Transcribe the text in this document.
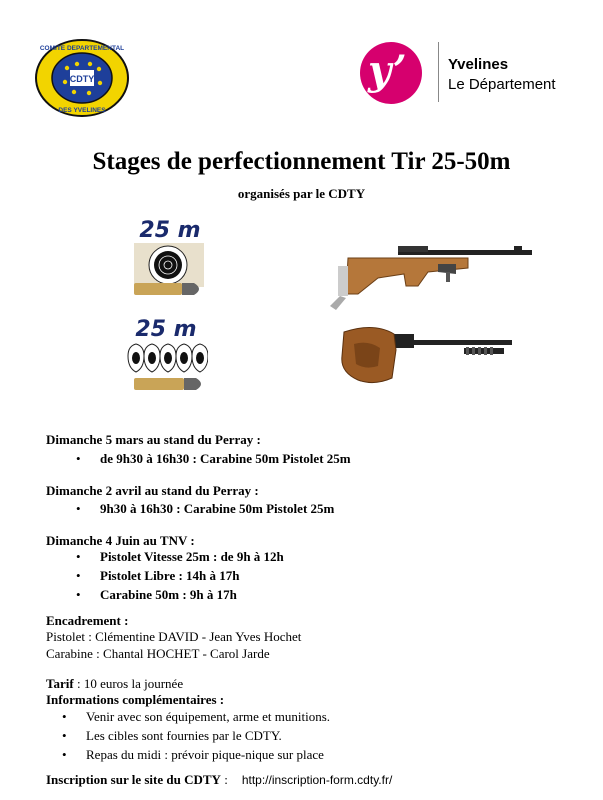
CDTY
COMITE DEPARTEMENTAL
DES YVELINES
y’	Yvelines
Le Département
Stages de perfectionnement Tir 25-50m
organisés par le CDTY
25 m
25 m
Dimanche 5 mars au stand du Perray :
• de 9h30 à 16h30 : Carabine 50m Pistolet 25m
Dimanche 2 avril au stand du Perray :
• 9h30 à 16h30 : Carabine 50m Pistolet 25m
Dimanche 4 Juin au TNV :
• Pistolet Vitesse 25m : de 9h à 12h
• Pistolet Libre : 14h à 17h
• Carabine 50m : 9h à 17h
Encadrement :
Pistolet : Clémentine DAVID - Jean Yves Hochet
Carabine : Chantal HOCHET - Carol Jarde
Tarif : 10 euros la journée
Informations complémentaires :
• Venir avec son équipement, arme et munitions.
• Les cibles sont fournies par le CDTY.
• Repas du midi : prévoir pique-nique sur place
Inscription sur le site du CDTY : http://inscription-form.cdty.fr/
